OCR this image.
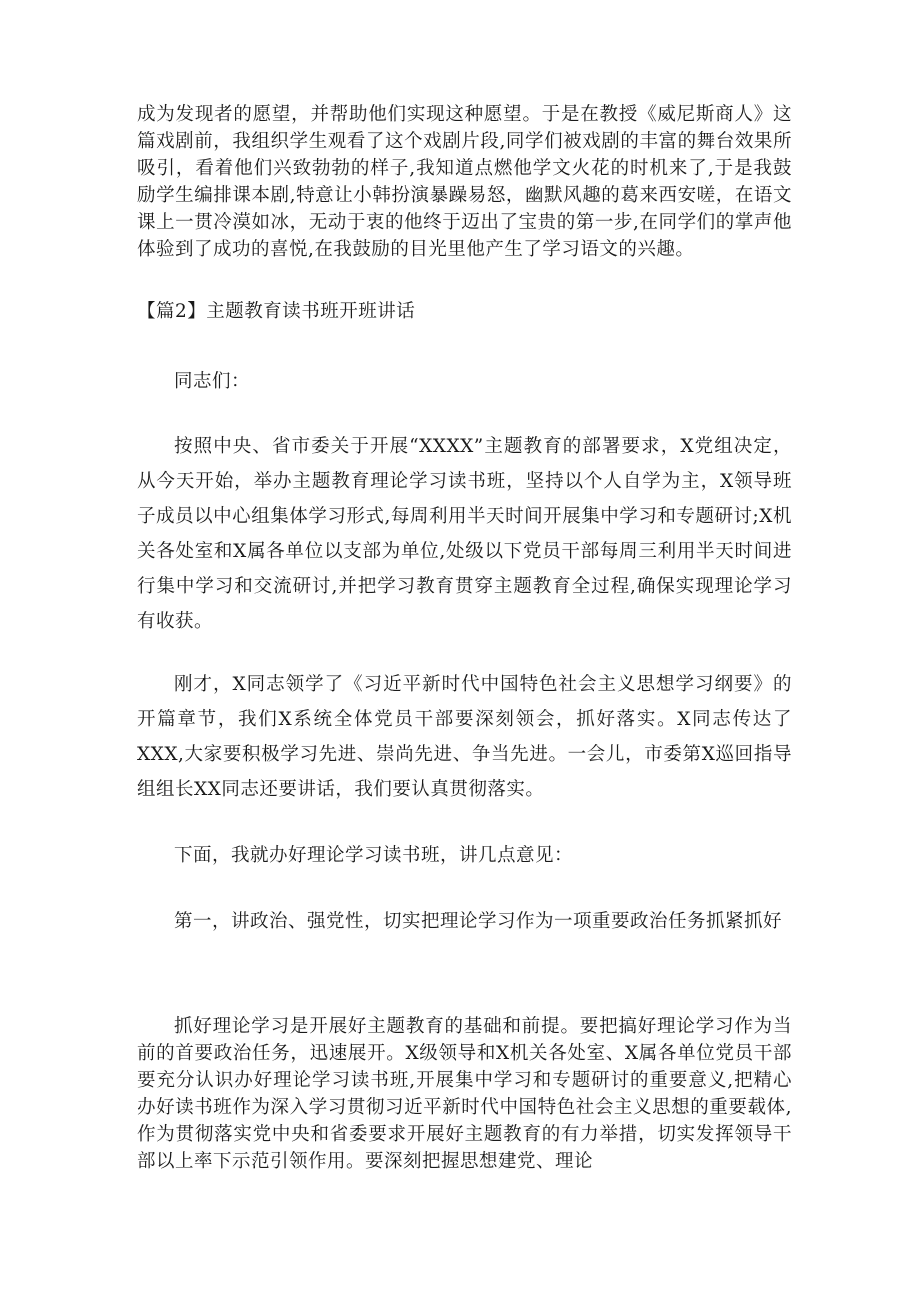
成为发现者的愿望，并帮助他们实现这种愿望。于是在教授《威尼斯商人》这篇戏剧前，我组织学生观看了这个戏剧片段,同学们被戏剧的丰富的舞台效果所吸引，看着他们兴致勃勃的样子,我知道点燃他学文火花的时机来了,于是我鼓励学生编排课本剧,特意让小韩扮演暴躁易怒，幽默风趣的葛来西安嗟，在语文课上一贯冷漠如冰，无动于衷的他终于迈出了宝贵的第一步,在同学们的掌声他体验到了成功的喜悦,在我鼓励的目光里他产生了学习语文的兴趣。

【篇2】主题教育读书班开班讲话

同志们：

按照中央、省市委关于开展“XXXX”主题教育的部署要求，X党组决定，从今天开始，举办主题教育理论学习读书班，坚持以个人自学为主，X领导班子成员以中心组集体学习形式,每周利用半天时间开展集中学习和专题研讨;X机关各处室和X属各单位以支部为单位,处级以下党员干部每周三利用半天时间进行集中学习和交流研讨,并把学习教育贯穿主题教育全过程,确保实现理论学习有收获。

刚才，X同志领学了《习近平新时代中国特色社会主义思想学习纲要》的开篇章节，我们X系统全体党员干部要深刻领会，抓好落实。X同志传达了XXX,大家要积极学习先进、崇尚先进、争当先进。一会儿，市委第X巡回指导组组长XX同志还要讲话，我们要认真贯彻落实。

下面，我就办好理论学习读书班，讲几点意见：

第一，讲政治、强党性，切实把理论学习作为一项重要政治任务抓紧抓好

抓好理论学习是开展好主题教育的基础和前提。要把搞好理论学习作为当前的首要政治任务，迅速展开。X级领导和X机关各处室、X属各单位党员干部要充分认识办好理论学习读书班,开展集中学习和专题研讨的重要意义,把精心办好读书班作为深入学习贯彻习近平新时代中国特色社会主义思想的重要载体,作为贯彻落实党中央和省委要求开展好主题教育的有力举措，切实发挥领导干部以上率下示范引领作用。要深刻把握思想建党、理论
